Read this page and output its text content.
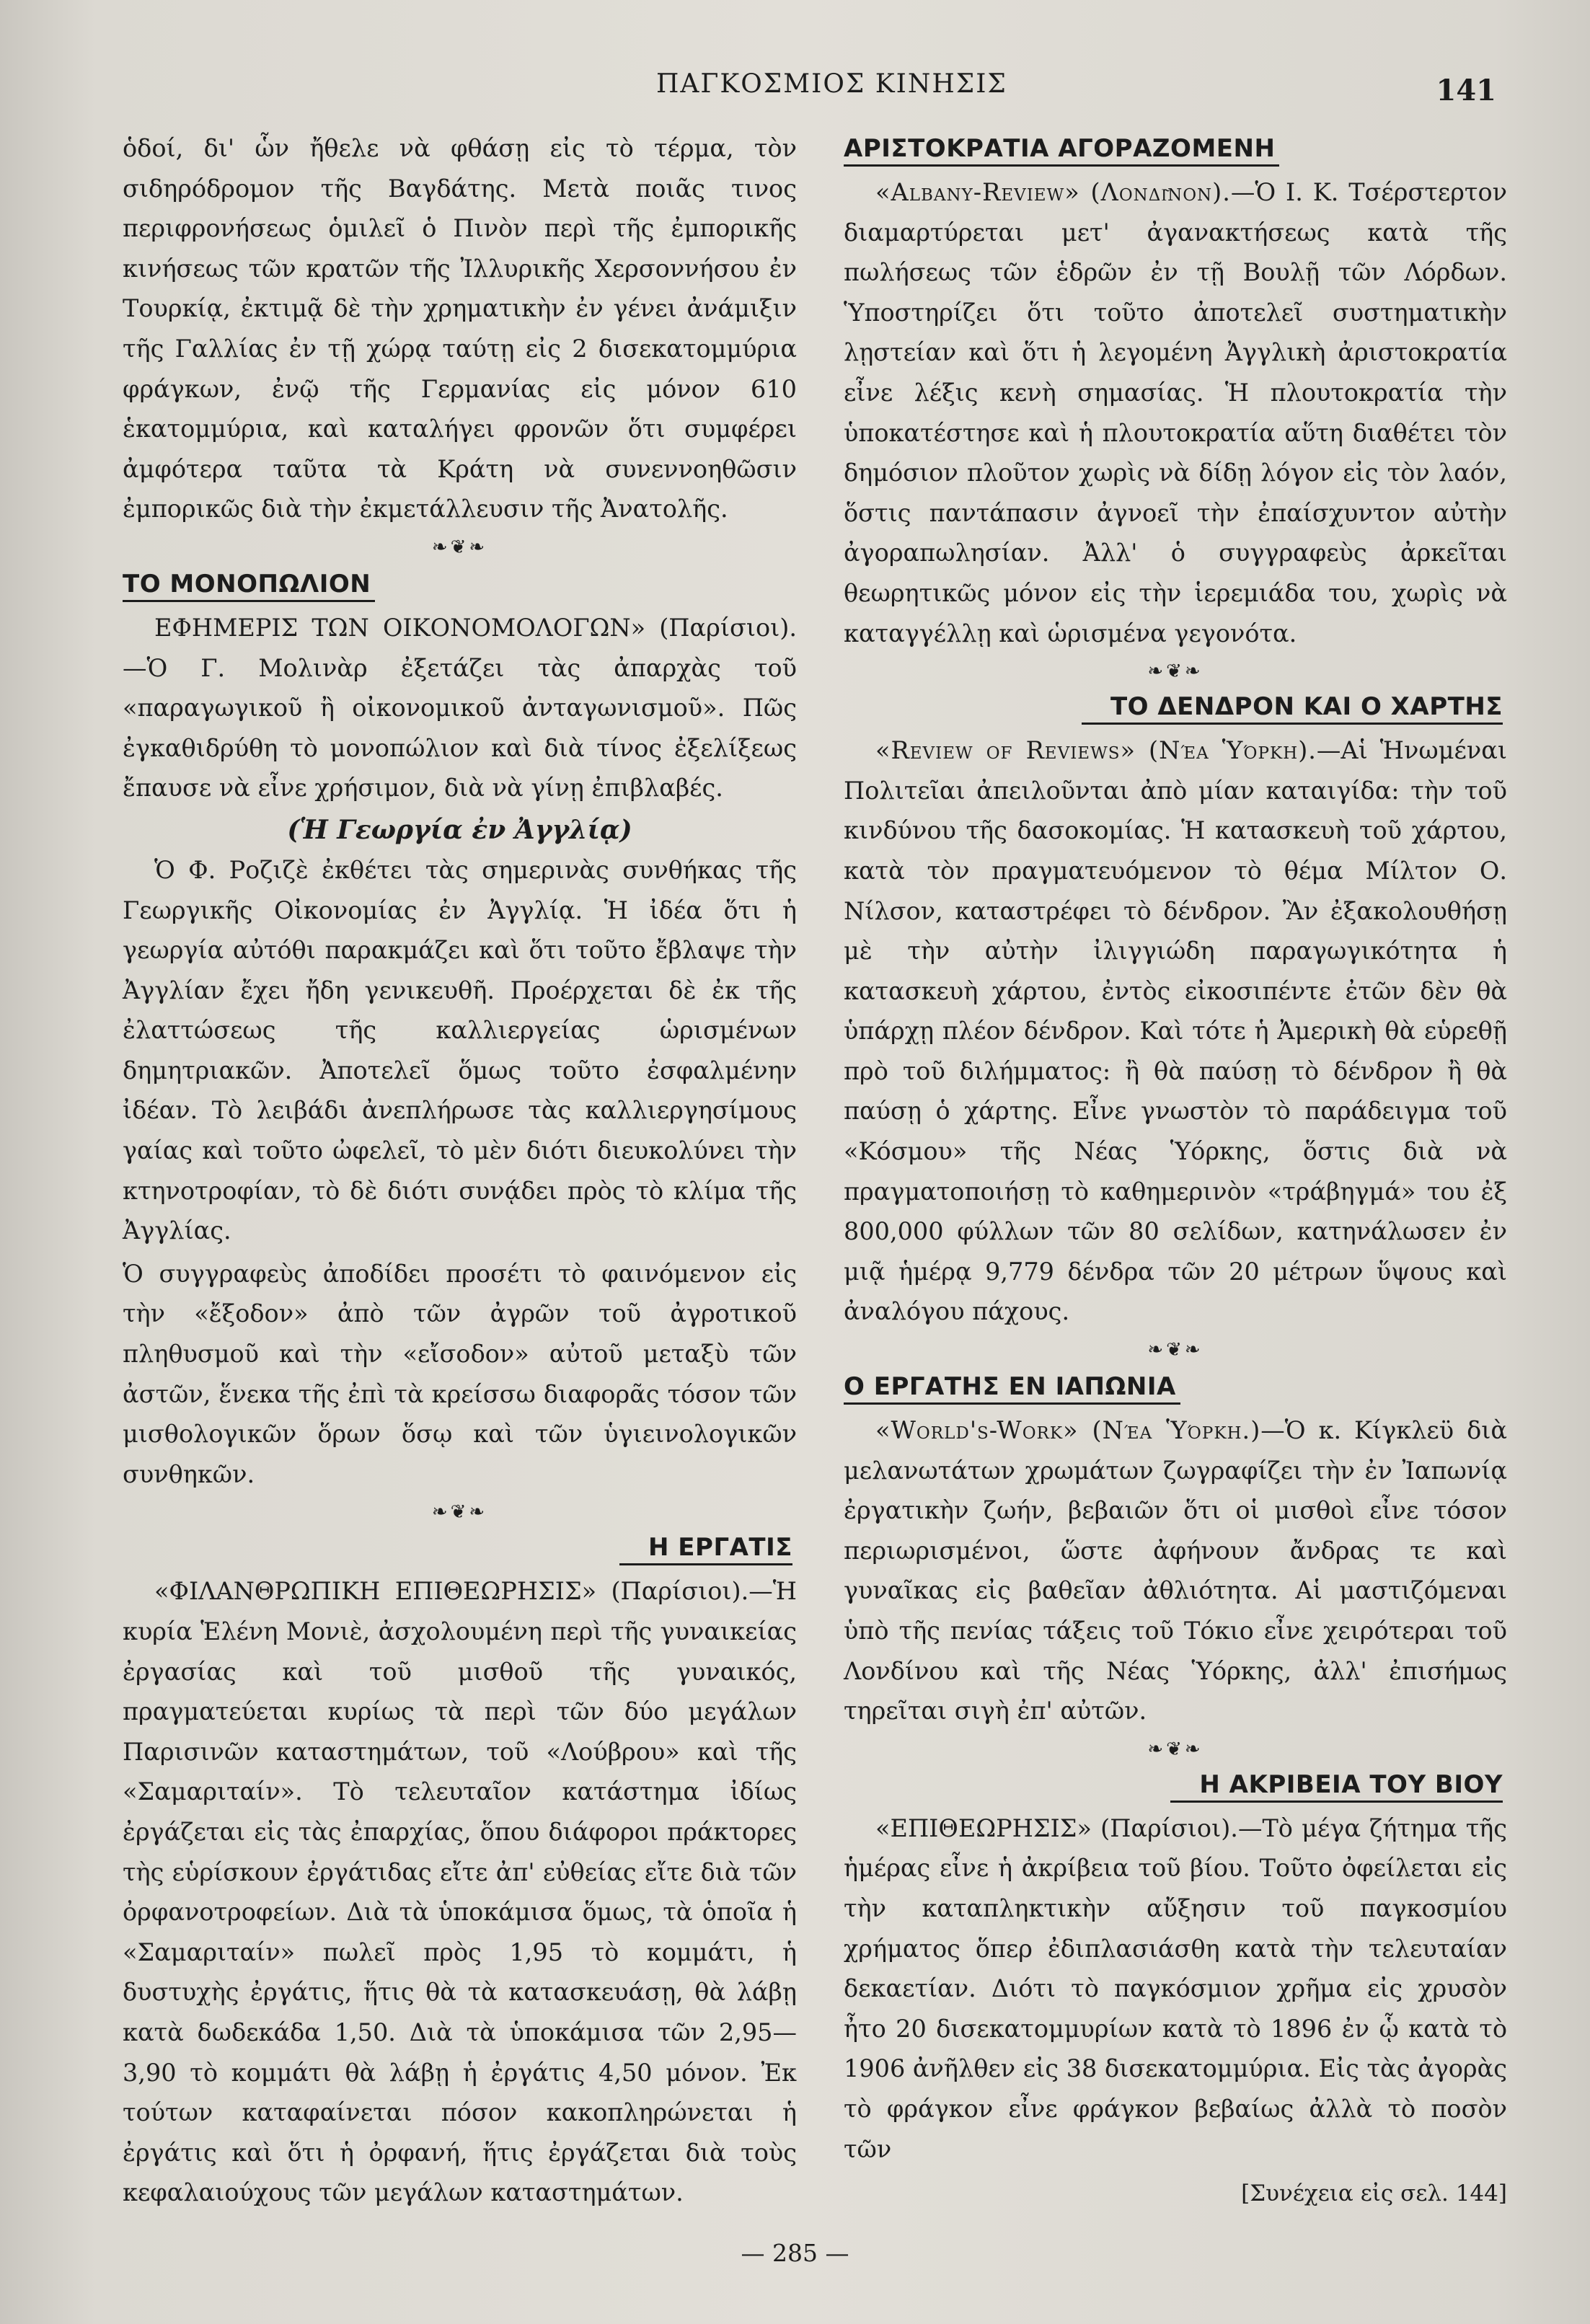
ΠΑΓΚΟΣΜΙΟΣ ΚΙΝΗΣΙΣ	141

ὁδοί, δι' ὧν ἤθελε νὰ φθάσῃ εἰς τὸ τέρμα, τὸν σιδηρόδρομον τῆς Βαγδάτης. Μετὰ ποιᾶς τινος περιφρονήσεως ὁμιλεῖ ὁ Πινὸν περὶ τῆς ἐμπορικῆς κινήσεως τῶν κρατῶν τῆς Ἰλλυρικῆς Χερσοννήσου ἐν Τουρκίᾳ, ἐκτιμᾷ δὲ τὴν χρηματικὴν ἐν γένει ἀνάμιξιν τῆς Γαλλίας ἐν τῇ χώρᾳ ταύτῃ εἰς 2 δισεκατομμύρια φράγκων, ἐνῷ τῆς Γερμανίας εἰς μόνον 610 ἑκατομμύρια, καὶ καταλήγει φρονῶν ὅτι συμφέρει ἀμφότερα ταῦτα τὰ Κράτη νὰ συνεννοηθῶσιν ἐμπορικῶς διὰ τὴν ἐκμετάλλευσιν τῆς Ἀνατολῆς.

❧❦❧
ΤΟ ΜΟΝΟΠΩΛΙΟΝ

ΕΦΗΜΕΡΙΣ ΤΩΝ ΟΙΚΟΝΟΜΟΛΟΓΩΝ» (Παρίσιοι).—Ὁ Γ. Μολινὰρ ἐξετάζει τὰς ἀπαρχὰς τοῦ «παραγωγικοῦ ἢ οἰκονομικοῦ ἀνταγωνισμοῦ». Πῶς ἐγκαθιδρύθη τὸ μονοπώλιον καὶ διὰ τίνος ἐξελίξεως ἔπαυσε νὰ εἶνε χρήσιμον, διὰ νὰ γίνῃ ἐπιβλαβές.

(Ἡ Γεωργία ἐν Ἀγγλίᾳ)

Ὁ Φ. Ροζιζὲ ἐκθέτει τὰς σημερινὰς συνθήκας τῆς Γεωργικῆς Οἰκονομίας ἐν Ἀγγλίᾳ. Ἡ ἰδέα ὅτι ἡ γεωργία αὐτόθι παρακμάζει καὶ ὅτι τοῦτο ἔβλαψε τὴν Ἀγγλίαν ἔχει ἤδη γενικευθῆ. Προέρχεται δὲ ἐκ τῆς ἐλαττώσεως τῆς καλλιεργείας ὡρισμένων δημητριακῶν. Ἀποτελεῖ ὅμως τοῦτο ἐσφαλμένην ἰδέαν. Τὸ λειβάδι ἀνεπλήρωσε τὰς καλλιεργησίμους γαίας καὶ τοῦτο ὠφελεῖ, τὸ μὲν διότι διευκολύνει τὴν κτηνοτροφίαν, τὸ δὲ διότι συνᾴδει πρὸς τὸ κλίμα τῆς Ἀγγλίας.

Ὁ συγγραφεὺς ἀποδίδει προσέτι τὸ φαινόμενον εἰς τὴν «ἔξοδον» ἀπὸ τῶν ἀγρῶν τοῦ ἀγροτικοῦ πληθυσμοῦ καὶ τὴν «εἴσοδον» αὐτοῦ μεταξὺ τῶν ἀστῶν, ἕνεκα τῆς ἐπὶ τὰ κρείσσω διαφορᾶς τόσον τῶν μισθολογικῶν ὅρων ὅσῳ καὶ τῶν ὑγιεινολογικῶν συνθηκῶν.

❧❦❧
Η ΕΡΓΑΤΙΣ

«ΦΙΛΑΝΘΡΩΠΙΚΗ ΕΠΙΘΕΩΡΗΣΙΣ» (Παρίσιοι).—Ἡ κυρία Ἑλένη Μονιὲ, ἀσχολουμένη περὶ τῆς γυναικείας ἐργασίας καὶ τοῦ μισθοῦ τῆς γυναικός, πραγματεύεται κυρίως τὰ περὶ τῶν δύο μεγάλων Παρισινῶν καταστημάτων, τοῦ «Λούβρου» καὶ τῆς «Σαμαριταίν». Τὸ τελευταῖον κατάστημα ἰδίως ἐργάζεται εἰς τὰς ἐπαρχίας, ὅπου διάφοροι πράκτορες τὴς εὑρίσκουν ἐργάτιδας εἴτε ἀπ' εὐθείας εἴτε διὰ τῶν ὀρφανοτροφείων. Διὰ τὰ ὑποκάμισα ὅμως, τὰ ὁποῖα ἡ «Σαμαριταίν» πωλεῖ πρὸς 1,95 τὸ κομμάτι, ἡ δυστυχὴς ἐργάτις, ἥτις θὰ τὰ κατασκευάσῃ, θὰ λάβῃ κατὰ δωδεκάδα 1,50. Διὰ τὰ ὑποκάμισα τῶν 2,95—3,90 τὸ κομμάτι θὰ λάβῃ ἡ ἐργάτις 4,50 μόνον. Ἐκ τούτων καταφαίνεται πόσον κακοπληρώνεται ἡ ἐργάτις καὶ ὅτι ἡ ὀρφανή, ἥτις ἐργάζεται διὰ τοὺς κεφαλαιούχους τῶν μεγάλων καταστημάτων.

ΑΡΙΣΤΟΚΡΑΤΙΑ ΑΓΟΡΑΖΟΜΕΝΗ

«Albany-Review» (Λονδῖνον).—Ὁ Ι. Κ. Τσέρστερτον διαμαρτύρεται μετ' ἀγανακτήσεως κατὰ τῆς πωλήσεως τῶν ἑδρῶν ἐν τῇ Βουλῇ τῶν Λόρδων. Ὑποστηρίζει ὅτι τοῦτο ἀποτελεῖ συστηματικὴν λῃστείαν καὶ ὅτι ἡ λεγομένη Ἀγγλικὴ ἀριστοκρατία εἶνε λέξις κενὴ σημασίας. Ἡ πλουτοκρατία τὴν ὑποκατέστησε καὶ ἡ πλουτοκρατία αὕτη διαθέτει τὸν δημόσιον πλοῦτον χωρὶς νὰ δίδῃ λόγον εἰς τὸν λαόν, ὅστις παντάπασιν ἀγνοεῖ τὴν ἐπαίσχυντον αὐτὴν ἀγοραπωλησίαν. Ἀλλ' ὁ συγγραφεὺς ἀρκεῖται θεωρητικῶς μόνον εἰς τὴν ἱερεμιάδα του, χωρὶς νὰ καταγγέλλῃ καὶ ὡρισμένα γεγονότα.

❧❦❧
ΤΟ ΔΕΝΔΡΟΝ ΚΑΙ Ο ΧΑΡΤΗΣ

«Review of Reviews» (Νέα Ὑόρκη).—Αἱ Ἡνωμέναι Πολιτεῖαι ἀπειλοῦνται ἀπὸ μίαν καταιγίδα: τὴν τοῦ κινδύνου τῆς δασοκομίας. Ἡ κατασκευὴ τοῦ χάρτου, κατὰ τὸν πραγματευόμενον τὸ θέμα Μίλτον Ο. Νίλσον, καταστρέφει τὸ δένδρον. Ἂν ἐξακολουθήσῃ μὲ τὴν αὐτὴν ἰλιγγιώδη παραγωγικότητα ἡ κατασκευὴ χάρτου, ἐντὸς εἰκοσιπέντε ἐτῶν δὲν θὰ ὑπάρχῃ πλέον δένδρον. Καὶ τότε ἡ Ἀμερικὴ θὰ εὑρεθῇ πρὸ τοῦ διλήμματος: ἢ θὰ παύσῃ τὸ δένδρον ἢ θὰ παύσῃ ὁ χάρτης. Εἶνε γνωστὸν τὸ παράδειγμα τοῦ «Κόσμου» τῆς Νέας Ὑόρκης, ὅστις διὰ νὰ πραγματοποιήσῃ τὸ καθημερινὸν «τράβηγμά» του ἐξ 800,000 φύλλων τῶν 80 σελίδων, κατηνάλωσεν ἐν μιᾷ ἡμέρᾳ 9,779 δένδρα τῶν 20 μέτρων ὕψους καὶ ἀναλόγου πάχους.

❧❦❧
Ο ΕΡΓΑΤΗΣ ΕΝ ΙΑΠΩΝΙΑ

«World's-Work» (Νέα Ὑόρκη.)—Ὁ κ. Κίγκλεϋ διὰ μελανωτάτων χρωμάτων ζωγραφίζει τὴν ἐν Ἰαπωνίᾳ ἐργατικὴν ζωήν, βεβαιῶν ὅτι οἱ μισθοὶ εἶνε τόσον περιωρισμένοι, ὥστε ἀφήνουν ἄνδρας τε καὶ γυναῖκας εἰς βαθεῖαν ἀθλιότητα. Αἱ μαστιζόμεναι ὑπὸ τῆς πενίας τάξεις τοῦ Τόκιο εἶνε χειρότεραι τοῦ Λονδίνου καὶ τῆς Νέας Ὑόρκης, ἀλλ' ἐπισήμως τηρεῖται σιγὴ ἐπ' αὐτῶν.

❧❦❧
Η ΑΚΡΙΒΕΙΑ ΤΟΥ ΒΙΟΥ

«ΕΠΙΘΕΩΡΗΣΙΣ» (Παρίσιοι).—Τὸ μέγα ζήτημα τῆς ἡμέρας εἶνε ἡ ἀκρίβεια τοῦ βίου. Τοῦτο ὀφείλεται εἰς τὴν καταπληκτικὴν αὔξησιν τοῦ παγκοσμίου χρήματος ὅπερ ἐδιπλασιάσθη κατὰ τὴν τελευταίαν δεκαετίαν. Διότι τὸ παγκόσμιον χρῆμα εἰς χρυσὸν ἦτο 20 δισεκατομμυρίων κατὰ τὸ 1896 ἐν ᾧ κατὰ τὸ 1906 ἀνῆλθεν εἰς 38 δισεκατομμύρια. Εἰς τὰς ἀγορὰς τὸ φράγκον εἶνε φράγκον βεβαίως ἀλλὰ τὸ ποσὸν τῶν

[Συνέχεια εἰς σελ. 144]
— 285 —
